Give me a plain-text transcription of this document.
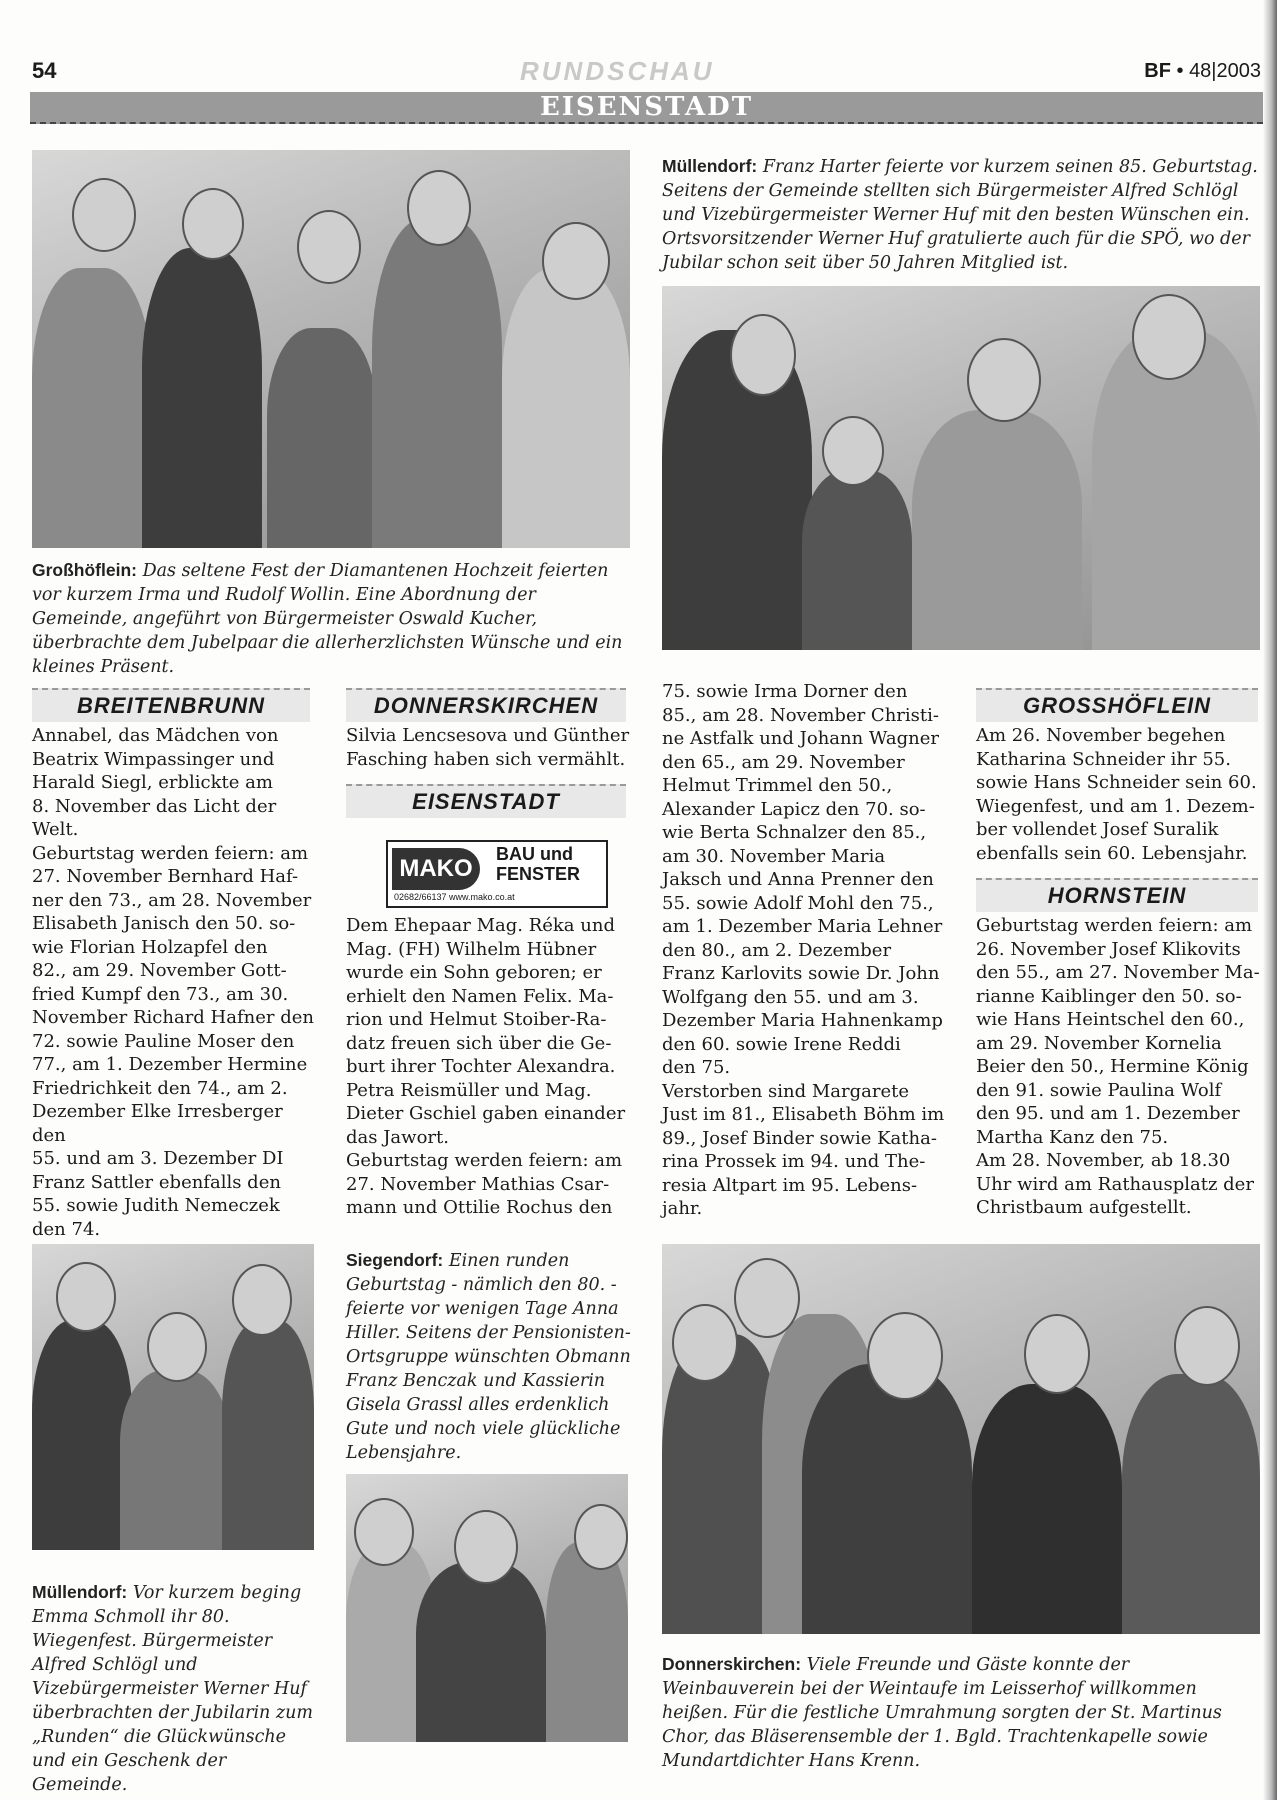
54	RUNDSCHAU	BF • 48|2003
EISENSTADT
Großhöflein: Das seltene Fest der Diamantenen Hochzeit feierten vor kurzem Irma und Rudolf Wollin. Eine Abordnung der Gemeinde, angeführt von Bürgermeister Oswald Kucher, überbrachte dem Jubelpaar die allerherzlichsten Wünsche und ein kleines Präsent.
Müllendorf: Franz Harter feierte vor kurzem seinen 85. Geburtstag. Seitens der Gemeinde stellten sich Bürgermeister Alfred Schlögl und Vizebürgermeister Werner Huf mit den besten Wünschen ein. Ortsvorsitzender Werner Huf gratulierte auch für die SPÖ, wo der Jubilar schon seit über 50 Jahren Mitglied ist.
BREITENBRUNN
Annabel, das Mädchen von
Beatrix Wimpassinger und
Harald Siegl, erblickte am
8. November das Licht der
Welt.
Geburtstag werden feiern: am
27. November Bernhard Haf-
ner den 73., am 28. November
Elisabeth Janisch den 50. so-
wie Florian Holzapfel den
82., am 29. November Gott-
fried Kumpf den 73., am 30.
November Richard Hafner den
72. sowie Pauline Moser den
77., am 1. Dezember Hermine
Friedrichkeit den 74., am 2.
Dezember Elke Irresberger den
55. und am 3. Dezember DI
Franz Sattler ebenfalls den
55. sowie Judith Nemeczek
den 74.
DONNERSKIRCHEN
Silvia Lencsesova und Günther
Fasching haben sich vermählt.
EISENSTADT
MAKO
BAU und
FENSTER
02682/66137 www.mako.co.at
Dem Ehepaar Mag. Réka und
Mag. (FH) Wilhelm Hübner
wurde ein Sohn geboren; er
erhielt den Namen Felix. Ma-
rion und Helmut Stoiber-Ra-
datz freuen sich über die Ge-
burt ihrer Tochter Alexandra.
Petra Reismüller und Mag.
Dieter Gschiel gaben einander
das Jawort.
Geburtstag werden feiern: am
27. November Mathias Csar-
mann und Ottilie Rochus den
75. sowie Irma Dorner den
85., am 28. November Christi-
ne Astfalk und Johann Wagner
den 65., am 29. November
Helmut Trimmel den 50.,
Alexander Lapicz den 70. so-
wie Berta Schnalzer den 85.,
am 30. November Maria
Jaksch und Anna Prenner den
55. sowie Adolf Mohl den 75.,
am 1. Dezember Maria Lehner
den 80., am 2. Dezember
Franz Karlovits sowie Dr. John
Wolfgang den 55. und am 3.
Dezember Maria Hahnenkamp
den 60. sowie Irene Reddi
den 75.
Verstorben sind Margarete
Just im 81., Elisabeth Böhm im
89., Josef Binder sowie Katha-
rina Prossek im 94. und The-
resia Altpart im 95. Lebens-
jahr.
GROSSHÖFLEIN
Am 26. November begehen
Katharina Schneider ihr 55.
sowie Hans Schneider sein 60.
Wiegenfest, und am 1. Dezem-
ber vollendet Josef Suralik
ebenfalls sein 60. Lebensjahr.
HORNSTEIN
Geburtstag werden feiern: am
26. November Josef Klikovits
den 55., am 27. November Ma-
rianne Kaiblinger den 50. so-
wie Hans Heintschel den 60.,
am 29. November Kornelia
Beier den 50., Hermine König
den 91. sowie Paulina Wolf
den 95. und am 1. Dezember
Martha Kanz den 75.
Am 28. November, ab 18.30
Uhr wird am Rathausplatz der
Christbaum aufgestellt.
Müllendorf: Vor kurzem beging Emma Schmoll ihr 80. Wiegenfest. Bürgermeister Alfred Schlögl und Vizebürgermeister Werner Huf überbrachten der Jubilarin zum „Runden“ die Glückwünsche und ein Geschenk der Gemeinde.
Siegendorf: Einen runden Geburtstag - nämlich den 80. - feierte vor wenigen Tage Anna Hiller. Seitens der Pensionisten-Ortsgruppe wünschten Obmann Franz Benczak und Kassierin Gisela Grassl alles erdenklich Gute und noch viele glückliche Lebensjahre.
Donnerskirchen: Viele Freunde und Gäste konnte der Weinbauverein bei der Weintaufe im Leisserhof willkommen heißen. Für die festliche Umrahmung sorgten der St. Martinus Chor, das Bläserensemble der 1. Bgld. Trachtenkapelle sowie Mundartdichter Hans Krenn.
